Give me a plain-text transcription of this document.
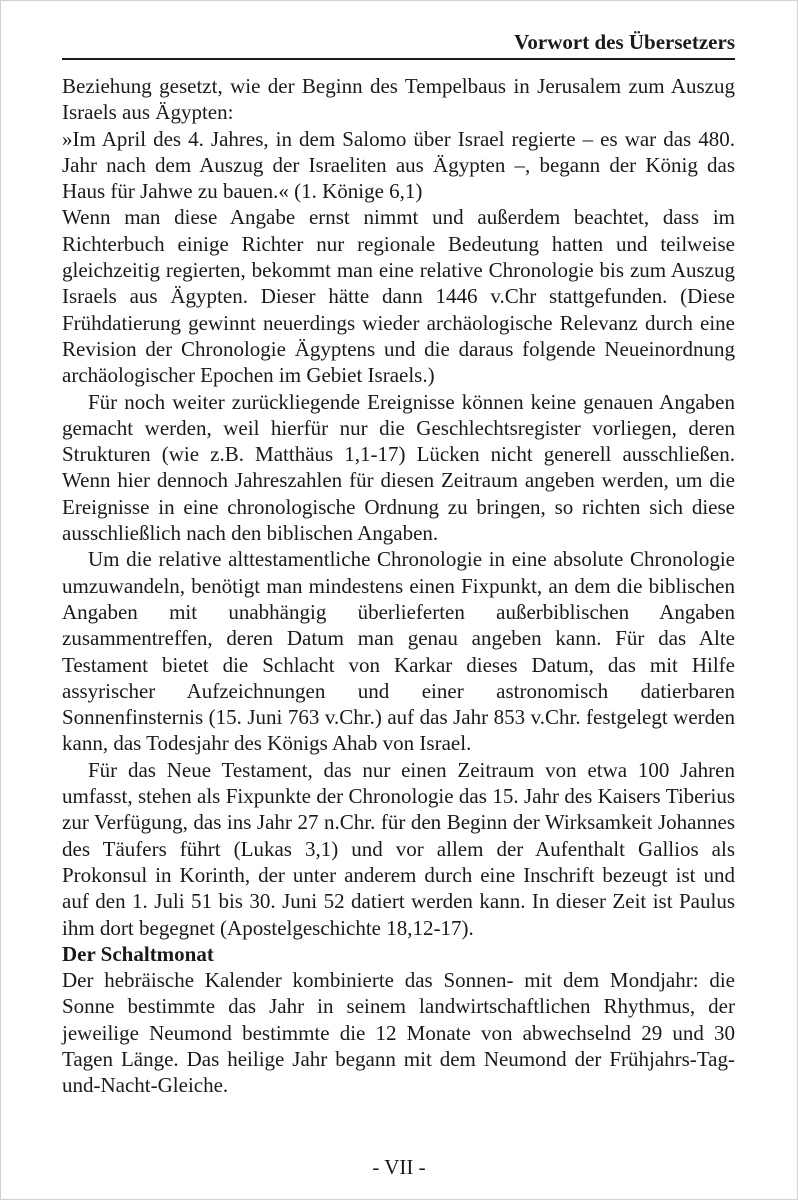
Vorwort des Übersetzers

Beziehung gesetzt, wie der Beginn des Tempelbaus in Jerusalem zum Auszug Israels aus Ägypten:

»Im April des 4. Jahres, in dem Salomo über Israel regierte – es war das 480. Jahr nach dem Auszug der Israeliten aus Ägypten –, begann der König das Haus für Jahwe zu bauen.« (1. Könige 6,1)

Wenn man diese Angabe ernst nimmt und außerdem beachtet, dass im Richterbuch einige Richter nur regionale Bedeutung hatten und teilweise gleichzeitig regierten, bekommt man eine relative Chronologie bis zum Auszug Israels aus Ägypten. Dieser hätte dann 1446 v.Chr stattgefunden. (Diese Frühdatierung gewinnt neuerdings wieder archäologische Relevanz durch eine Revision der Chronologie Ägyptens und die daraus folgende Neueinordnung archäologischer Epochen im Gebiet Israels.)

Für noch weiter zurückliegende Ereignisse können keine genauen Angaben gemacht werden, weil hierfür nur die Geschlechtsregister vorliegen, deren Strukturen (wie z.B. Matthäus 1,1-17) Lücken nicht generell ausschließen. Wenn hier dennoch Jahreszahlen für diesen Zeitraum angeben werden, um die Ereignisse in eine chronologische Ordnung zu bringen, so richten sich diese ausschließlich nach den biblischen Angaben.

Um die relative alttestamentliche Chronologie in eine absolute Chronologie umzuwandeln, benötigt man mindestens einen Fixpunkt, an dem die biblischen Angaben mit unabhängig überlieferten außerbiblischen Angaben zusammentreffen, deren Datum man genau angeben kann. Für das Alte Testament bietet die Schlacht von Karkar dieses Datum, das mit Hilfe assyrischer Aufzeichnungen und einer astronomisch datierbaren Sonnenfinsternis (15. Juni 763 v.Chr.) auf das Jahr 853 v.Chr. festgelegt werden kann, das Todesjahr des Königs Ahab von Israel.

Für das Neue Testament, das nur einen Zeitraum von etwa 100 Jahren umfasst, stehen als Fixpunkte der Chronologie das 15. Jahr des Kaisers Tiberius zur Verfügung, das ins Jahr 27 n.Chr. für den Beginn der Wirksamkeit Johannes des Täufers führt (Lukas 3,1) und vor allem der Aufenthalt Gallios als Prokonsul in Korinth, der unter anderem durch eine Inschrift bezeugt ist und auf den 1. Juli 51 bis 30. Juni 52 datiert werden kann. In dieser Zeit ist Paulus ihm dort begegnet (Apostelgeschichte 18,12-17).

Der Schaltmonat

Der hebräische Kalender kombinierte das Sonnen- mit dem Mondjahr: die Sonne bestimmte das Jahr in seinem landwirtschaftlichen Rhythmus, der jeweilige Neumond bestimmte die 12 Monate von abwechselnd 29 und 30 Tagen Länge. Das heilige Jahr begann mit dem Neumond der Frühjahrs-Tag-und-Nacht-Gleiche.

- VII -
